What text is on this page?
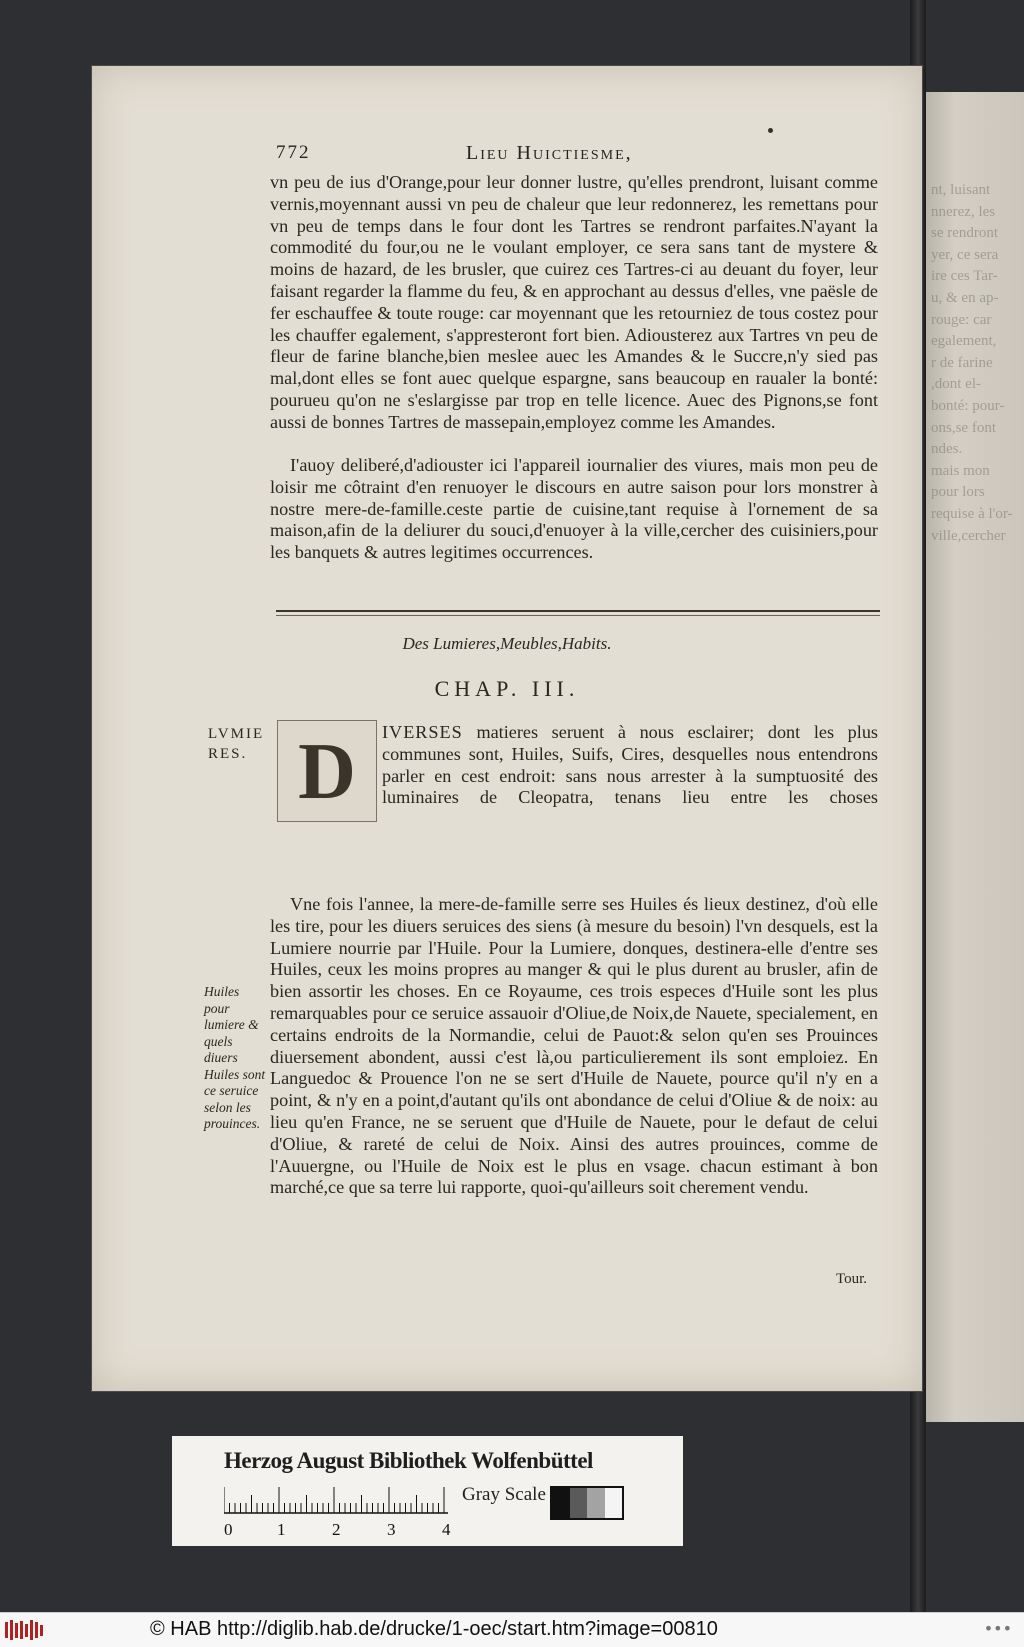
nt, luisant
nnerez, les
se rendront
yer, ce sera
ire ces Tar-
u, & en ap-
rouge: car
egalement,
r de farine
,dont el-
bonté: pour-
ons,se font
ndes.
mais mon
pour lors
requise à l'or-
ville,cercher
772	Lieu Huictiesme,
vn peu de ius d'Orange,pour leur donner lustre, qu'elles prendront, luisant comme vernis,moyennant aussi vn peu de chaleur que leur redonnerez, les remettans pour vn peu de temps dans le four dont les Tartres se rendront parfaites.N'ayant la commodité du four,ou ne le voulant employer, ce sera sans tant de mystere & moins de hazard, de les brusler, que cuirez ces Tartres-ci au deuant du foyer, leur faisant regarder la flamme du feu, & en approchant au dessus d'elles, vne paësle de fer eschauffee & toute rouge: car moyennant que les retourniez de tous costez pour les chauffer egalement, s'appresteront fort bien. Adiousterez aux Tartres vn peu de fleur de farine blanche,bien meslee auec les Amandes & le Succre,n'y sied pas mal,dont elles se font auec quelque espargne, sans beaucoup en raualer la bonté: pourueu qu'on ne s'eslargisse par trop en telle licence. Auec des Pignons,se font aussi de bonnes Tartres de massepain,employez comme les Amandes.
I'auoy deliberé,d'adiouster ici l'appareil iournalier des viures, mais mon peu de loisir me côtraint d'en renuoyer le discours en autre saison pour lors monstrer à nostre mere-de-famille.ceste partie de cuisine,tant requise à l'ornement de sa maison,afin de la deliurer du souci,d'enuoyer à la ville,cercher des cuisiniers,pour les banquets & autres legitimes occurrences.
Des Lumieres,Meubles,Habits.
CHAP. III.
LVMIE RES. D	IVERSES matieres seruent à nous esclairer; dont les plus communes sont, Huiles, Suifs, Cires, desquelles nous entendrons parler en cest endroit: sans nous arrester à la sumptuosité des luminaires de Cleopatra, tenans lieu entre les choses
Vne fois l'annee, la mere-de-famille serre ses Huiles és lieux destinez, d'où elle les tire, pour les diuers seruices des siens (à mesure du besoin) l'vn desquels, est la Lumiere nourrie par l'Huile. Pour la Lumiere, donques, destinera-elle d'entre ses Huiles, ceux les moins propres au manger & qui le plus durent au brusler, afin de bien assortir les choses. En ce Royaume, ces trois especes d'Huile sont les plus remarquables pour ce seruice assauoir d'Oliue,de Noix,de Nauete, specialement, en certains endroits de la Normandie, celui de Pauot:& selon qu'en ses Prouinces diuersement abondent, aussi c'est là,ou particulierement ils sont emploiez. En Languedoc & Prouence l'on ne se sert d'Huile de Nauete, pource qu'il n'y en a point, & n'y en a point,d'autant qu'ils ont abondance de celui d'Oliue & de noix: au lieu qu'en France, ne se seruent que d'Huile de Nauete, pour le defaut de celui d'Oliue, & rareté de celui de Noix. Ainsi des autres prouinces, comme de l'Auuergne, ou l'Huile de Noix est le plus en vsage. chacun estimant à bon marché,ce que sa terre lui rapporte, quoi-qu'ailleurs soit cherement vendu.
Huiles pour lumiere & quels diuers Huiles sont ce seruice selon les prouinces.
Tour.
Herzog August Bibliothek Wolfenbüttel
Gray Scale
0	1	2	3	4
© HAB http://diglib.hab.de/drucke/1-oec/start.htm?image=00810	•••
